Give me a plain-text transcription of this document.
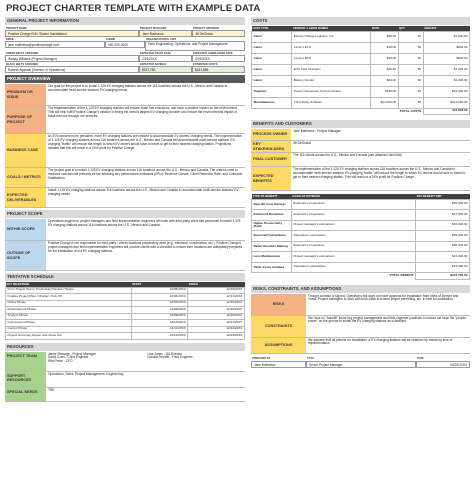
PROJECT CHARTER TEMPLATE WITH EXAMPLE DATA
GENERAL PROJECT INFORMATION
PROJECT NAME
Positive Charge EMV Station Installations
PROJECT MANAGER
Jane Matthews
PROJECT SPONSOR
Jill DeGrasio
EMAIL
jane.matthews@positivecharge.com
PHONE
000-000-0000
ORGANIZATIONAL UNIT
Field Engineering, Operations, and Project Management
GREEN BELTS ASSIGNED
Wendy Williams (Project Manager)
EXPECTED START DATE
2/19/20XX
EXPECTED COMPLETION DATE
2/19/20XX
BLACK BELTS ASSIGNED
Rakesh Agarwal (Director of Operations)
EXPECTED SAVINGS
$237,750
ESTIMATED COSTS
$441,855
PROJECT OVERVIEW
PROBLEM OR ISSUE
Our goal for this project is to install 1,125 EV charging stations across the 116 locations across the U.S., Mexico and Canada to accommodate multi-service stations' EV-charging needs.
PURPOSE OF PROJECT
The implementation of the 1,125 EV charging stations will reduce fossil-fuel emissions, and have a positive impact on the environment. This will help fulfill Positive Charge's mission of being the world's largest EV charging provider and reduce the environmental impact of fossil-fuel use through our services.
BUSINESS CASE
As EVs become more prevalent, more EV charging stations are needed to accommodate EV drivers' charging needs. The implementation of 1,125 EV charging stations across 116 locations across the U.S., Mexico and Canada will accommodate multi-service stations' EV-charging "traffic" will reduce the length to which EV drivers would have to travel to get to their nearest charging station. Projections indicate that this will result in a 24% profit for Positive Charge.
GOALS / METRICS
The project goal is to install 1,125 EV charging stations across 116 locations across the U.S., Mexico and Canada. The metrics used to measure success will primarily be the following key performance indicators (KPIs): Revenue Growth, Client Retention Rate, and Customer Satisfaction.
EXPECTED DELIVERABLES
Install 1,125 EV charging stations across 116 locations across the U.S., Mexico and Canada to accommodate multi-service stations' EV-charging needs.
PROJECT SCOPE
WITHIN SCOPE
Operations engineers, project managers and field implementation engineers will work with third-party client site personnel to install 1,125 EV charging stations across 116 locations across the U.S., Mexico and Canada.
OUTSIDE OF SCOPE
Positive Charge is not responsible for third-party / clients locations preparatory work (e.g., electrical, construction, etc.). Positive Charge's project managers and field implementation engineers will provide clients with a checklist to ensure their locations are adequately prepared for the installation of our EV charging stations.
TENTATIVE SCHEDULE
KEY MILESTONE	START	FINISH
Form Project Team / Preliminary Review / Scope	12/05/20XX	12/15/20XX
Finalize Project Plan / Charter / Kick Off	12/06/20XX	12/17/20XX
Define Phase	12/07/20XX	12/16/20XX
Measurement Phase	12/08/20XX	12/19/20XX
Analyze Phase	12/09/20XX	12/20/20XX
Improvement Phase	12/10/20XX	12/21/20XX
Control Phase	12/11/20XX	12/22/20XX
Project Summary Report and Close Out	12/12/20XX	12/23/20XX
RESOURCES
PROJECT TEAM	Janne Remage - Project Manager
David Coen - Chief Engineer
Rita Prese - CFO
Lisa Jones - QA Director
Donald Smythe - Field Engineer
SUPPORT RESOURCES
Operations, Sales, Project Management, Engineering
SPECIAL NEEDS	TBD
COSTS
COST TYPE	VENDOR / LABOR NAMES	RATE	QTY	AMOUNT
Labor	Electro Charge Logistics, Inc.	$36.00	50	$1,800.00
Labor	Level 1 EVS	$18.00	50	$900.00
Labor	Level 2 EVS	$18.00	50	$900.00
Labor	EVC Fast Chargers	$26.50	50	$1,325.00
Labor	Battery Vendor	$24.00	50	$1,200.00
Supplies	Power Conversion System Vendor	$438.00	50	$21,900.00
Miscellaneous	Third-Party Software	$14,000.00	50	$414,630.00
			TOTAL COSTS	441,855.00
BENEFITS AND CUSTOMERS
PROCESS OWNER
Jane Matthews - Project Manager
KEY STAKEHOLDERS
Jill DeGrasio
FINAL CUSTOMER
The 116 clients across the U.S., Mexico and Canada (see attached client list).
EXPECTED BENEFITS
The implementation of the 1,125 EV charging stations across 116 locations across the U.S., Mexico and Canada to accommodate multi-service stations' EV-charging "traffic" will reduce the length to which EV drivers would have to travel to get to their nearest charging station. This will result in a 24% profit for Positive Charge.
TYPE OF BENEFIT	BASIS OF ESTIMATE	EST BENEFIT AMT
Specific Cost Savings	Estimator's projections	$29,500.00
Enhanced Revenues	Estimator's projections	$27,500.00
Higher Productivity (Soft)	Project manager's estimations	$15,000.00
Improved Compliance	Operations' estimations	$29,000.00
Better Decision Making	Estimator's projections	$25,000.00
Less Maintenance	Project manager's estimations	$21,000.00
Other Costs Avoided	Operations' estimations	$19,000.00
	TOTAL BENEFIT	$237,750.00
RISKS, CONSTRAINTS, AND ASSUMPTIONS
RISKS
Though contract is signed. Operations still does not have approval for installation from cities of Denver and Yuma. Project managers to work with both cities to ensure proper permitting, etc. in time for installation.
CONSTRAINTS
We have no "backfill" some key project management and field engineer positions to ensure we have the "people power" on the ground to install the EV charging stations as scheduled.
ASSUMPTIONS
We assume that all permits for installation of EV-charging stations will be obtained by clients by time of implementation.
PREPARED BY
Jane Matthews
TITLE
Senior Project Manager
DATE
04/22/20XX
